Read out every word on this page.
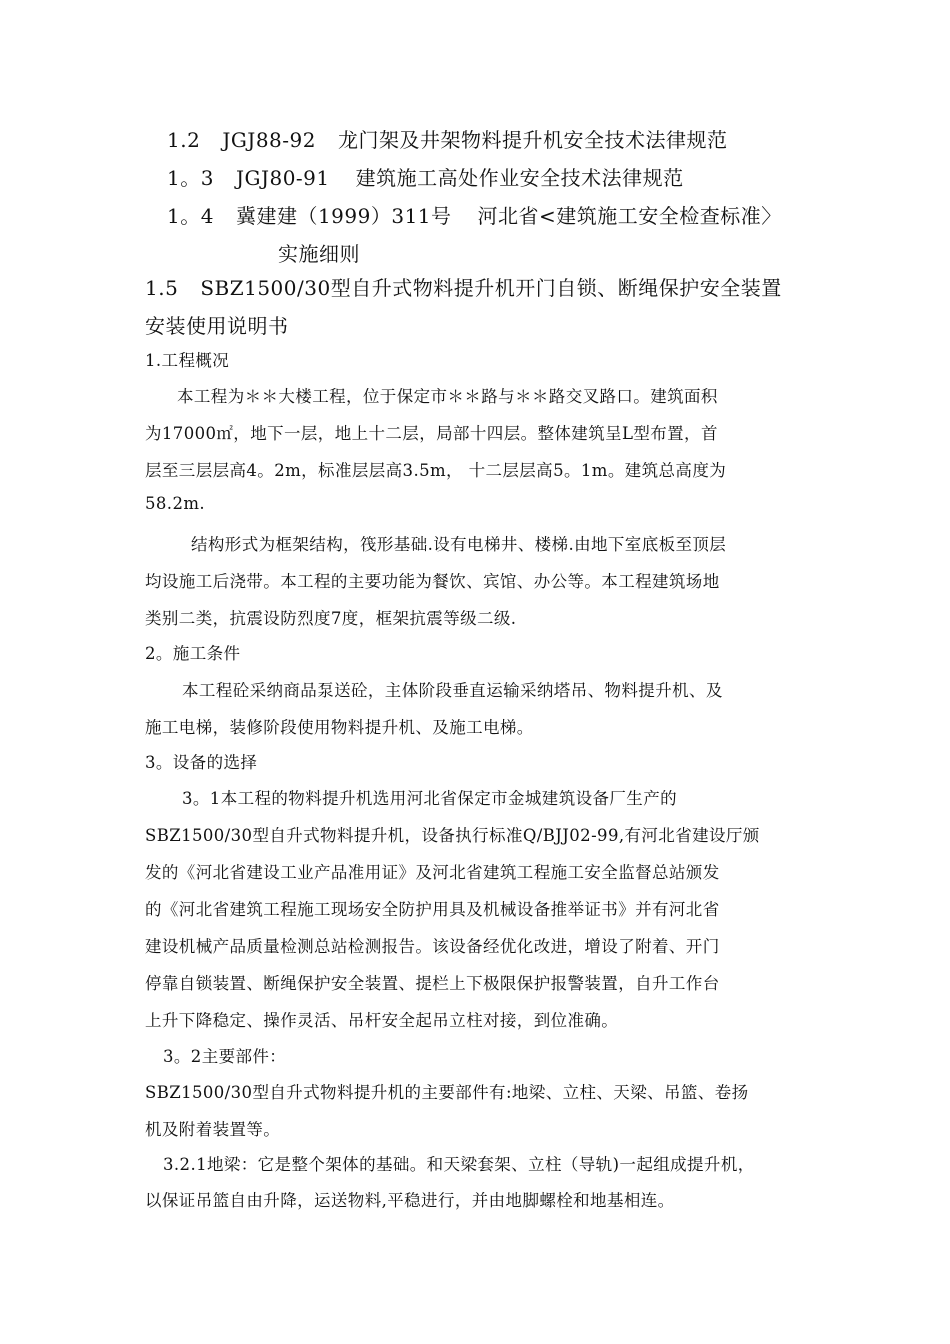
1.2 JGJ88-92 龙门架及井架物料提升机安全技术法律规范
1。3 JGJ80-91 建筑施工高处作业安全技术法律规范
1。4 冀建建（1999）311号 河北省<建筑施工安全检查标准〉
实施细则
1.5 SBZ1500/30型自升式物料提升机开门自锁、断绳保护安全装置
安装使用说明书
1.工程概况
本工程为＊＊大楼工程，位于保定市＊＊路与＊＊路交叉路口。建筑面积
为17000㎡，地下一层，地上十二层，局部十四层。整体建筑呈L型布置，首
层至三层层高4。2m，标准层层高3.5m， 十二层层高5。1m。建筑总高度为
58.2m.
结构形式为框架结构，筏形基础.设有电梯井、楼梯.由地下室底板至顶层
均设施工后浇带。本工程的主要功能为餐饮、宾馆、办公等。本工程建筑场地
类别二类，抗震设防烈度7度，框架抗震等级二级.
2。施工条件
本工程砼采纳商品泵送砼，主体阶段垂直运输采纳塔吊、物料提升机、及
施工电梯，装修阶段使用物料提升机、及施工电梯。
3。设备的选择
3。1本工程的物料提升机选用河北省保定市金城建筑设备厂生产的
SBZ1500/30型自升式物料提升机，设备执行标准Q/BJJ02-99,有河北省建设厅颁
发的《河北省建设工业产品准用证》及河北省建筑工程施工安全监督总站颁发
的《河北省建筑工程施工现场安全防护用具及机械设备推举证书》并有河北省
建设机械产品质量检测总站检测报告。该设备经优化改进，增设了附着、开门
停靠自锁装置、断绳保护安全装置、提栏上下极限保护报警装置，自升工作台
上升下降稳定、操作灵活、吊杆安全起吊立柱对接，到位准确。
3。2主要部件：
SBZ1500/30型自升式物料提升机的主要部件有:地梁、立柱、天梁、吊篮、卷扬
机及附着装置等。
3.2.1地梁：它是整个架体的基础。和天梁套架、立柱（导轨)一起组成提升机，
以保证吊篮自由升降，运送物料,平稳进行，并由地脚螺栓和地基相连。
